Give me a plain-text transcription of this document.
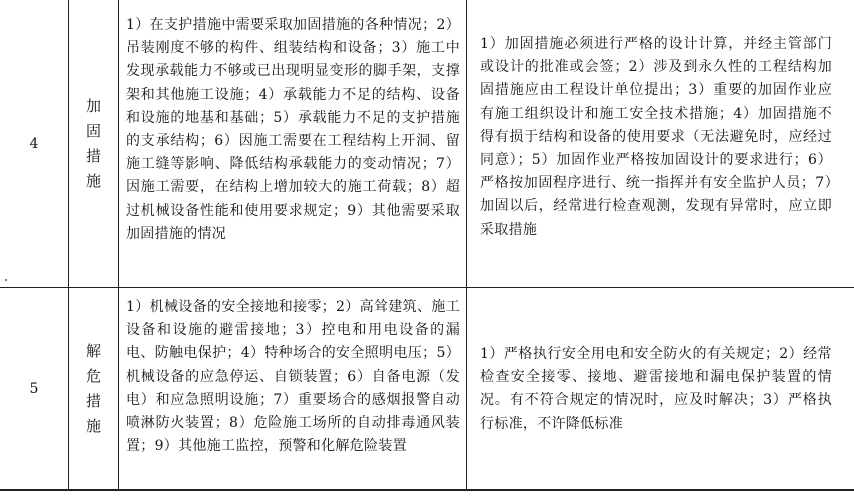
4
加
固
措
施
1）在支护措施中需要采取加固措施的各种情况；2）吊装刚度不够的构件、组装结构和设备；3）施工中发现承载能力不够或已出现明显变形的脚手架，支撑架和其他施工设施；4）承载能力不足的结构、设备和设施的地基和基础；5）承载能力不足的支护措施的支承结构；6）因施工需要在工程结构上开洞、留施工缝等影响、降低结构承载能力的变动情况；7）因施工需要，在结构上增加较大的施工荷载；8）超过机械设备性能和使用要求规定；9）其他需要采取加固措施的情况
1）加固措施必须进行严格的设计计算，并经主管部门或设计的批准或会签；2）涉及到永久性的工程结构加固措施应由工程设计单位提出；3）重要的加固作业应有施工组织设计和施工安全技术措施；4）加固措施不得有损于结构和设备的使用要求（无法避免时，应经过同意）；5）加固作业严格按加固设计的要求进行；6）严格按加固程序进行、统一指挥并有安全监护人员；7）加固以后，经常进行检查观测，发现有异常时，应立即采取措施
5
解
危
措
施
1）机械设备的安全接地和接零；2）高耸建筑、施工设备和设施的避雷接地；3）控电和用电设备的漏电、防触电保护；4）特种场合的安全照明电压；5）机械设备的应急停运、自锁装置；6）自备电源（发电）和应急照明设施；7）重要场合的感烟报警自动喷淋防火装置；8）危险施工场所的自动排毒通风装置；9）其他施工监控，预警和化解危险装置
1）严格执行安全用电和安全防火的有关规定；2）经常检查安全接零、接地、避雷接地和漏电保护装置的情况。有不符合规定的情况时，应及时解决；3）严格执行标准，不许降低标准
